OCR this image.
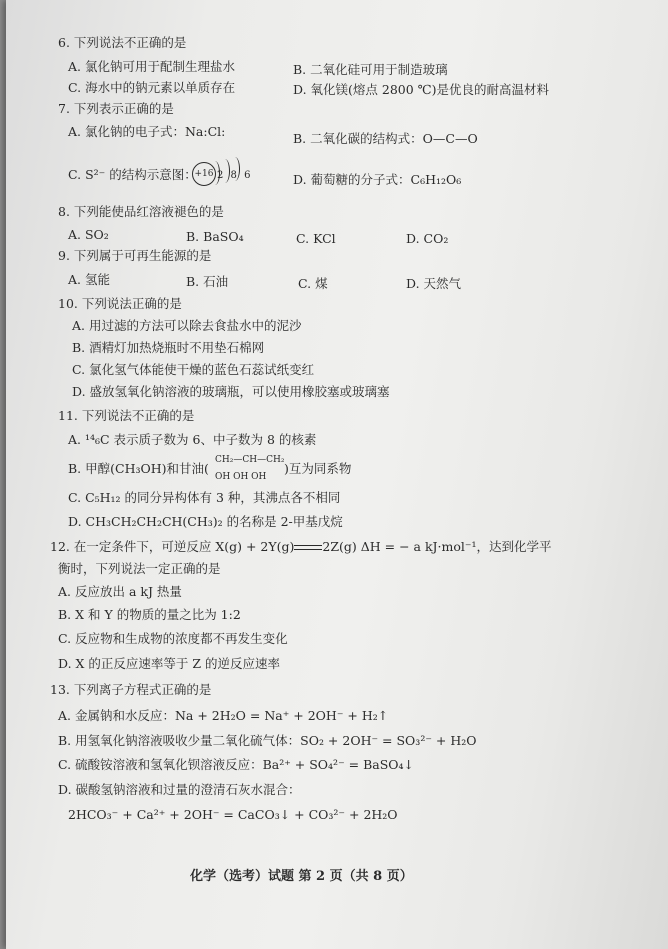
6. 下列说法不正确的是
A. 氯化钠可用于配制生理盐水	B. 二氧化硅可用于制造玻璃
C. 海水中的钠元素以单质存在	D. 氧化镁(熔点 2800 ℃)是优良的耐高温材料
7. 下列表示正确的是
A. 氯化钠的电子式：Na:Cl:	B. 二氧化碳的结构式：O—C—O
C. S²⁻ 的结构示意图：
+16 2 8 6	D. 葡萄糖的分子式：C₆H₁₂O₆
8. 下列能使品红溶液褪色的是
A. SO₂	B. BaSO₄	C. KCl	D. CO₂
9. 下列属于可再生能源的是
A. 氢能	B. 石油	C. 煤	D. 天然气
10. 下列说法正确的是
A. 用过滤的方法可以除去食盐水中的泥沙
B. 酒精灯加热烧瓶时不用垫石棉网
C. 氯化氢气体能使干燥的蓝色石蕊试纸变红
D. 盛放氢氧化钠溶液的玻璃瓶，可以使用橡胶塞或玻璃塞
11. 下列说法不正确的是
A. ¹⁴₆C 表示质子数为 6、中子数为 8 的核素
B. 甲醇(CH₃OH)和甘油(
CH₂—CH—CH₂
OH OH OH
)互为同系物
C. C₅H₁₂ 的同分异构体有 3 种，其沸点各不相同
D. CH₃CH₂CH₂CH(CH₃)₂ 的名称是 2-甲基戊烷
12. 在一定条件下，可逆反应 X(g) + 2Y(g) 2Z(g) ΔH = − a kJ·mol⁻¹，达到化学平
衡时，下列说法一定正确的是
A. 反应放出 a kJ 热量
B. X 和 Y 的物质的量之比为 1:2
C. 反应物和生成物的浓度都不再发生变化
D. X 的正反应速率等于 Z 的逆反应速率
13. 下列离子方程式正确的是
A. 金属钠和水反应：Na + 2H₂O = Na⁺ + 2OH⁻ + H₂↑
B. 用氢氧化钠溶液吸收少量二氧化硫气体：SO₂ + 2OH⁻ = SO₃²⁻ + H₂O
C. 硫酸铵溶液和氢氧化钡溶液反应：Ba²⁺ + SO₄²⁻ = BaSO₄↓
D. 碳酸氢钠溶液和过量的澄清石灰水混合：
2HCO₃⁻ + Ca²⁺ + 2OH⁻ = CaCO₃↓ + CO₃²⁻ + 2H₂O
化学（选考）试题 第 2 页（共 8 页）
